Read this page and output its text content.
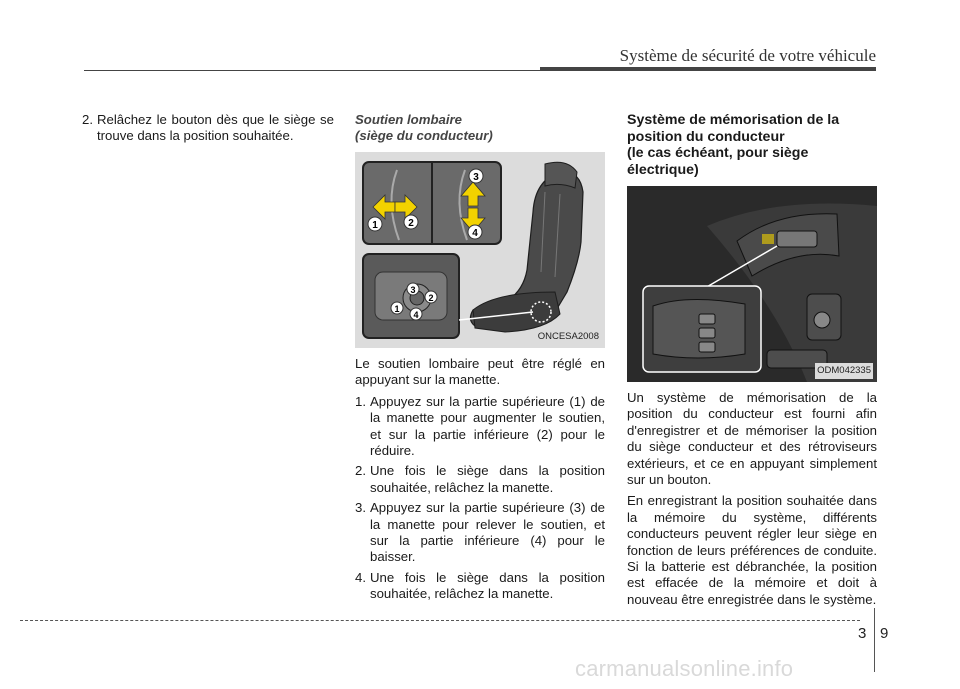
Système de sécurité de votre véhicule
2. Relâchez le bouton dès que le siège se trouve dans la position souhaitée.
Soutien lombaire
(siège du conducteur)
1	2
3
4
3
2
1
4
ONCESA2008
Le soutien lombaire peut être réglé en appuyant sur la manette.
1. Appuyez sur la partie supérieure (1) de la manette pour augmenter le soutien, et sur la partie inférieure (2) pour le réduire.
2. Une fois le siège dans la position souhaitée, relâchez la manette.
3. Appuyez sur la partie supérieure (3) de la manette pour relever le soutien, et sur la partie inférieure (4) pour le baisser.
4. Une fois le siège dans la position souhaitée, relâchez la manette.
Système de mémorisation de la
position du conducteur
(le cas échéant, pour siège
électrique)
ODM042335
Un système de mémorisation de la position du conducteur est fourni afin d'enregistrer et de mémoriser la position du siège conducteur et des rétroviseurs extérieurs, et ce en appuyant simplement sur un bouton.
En enregistrant la position souhaitée dans la mémoire du système, différents conducteurs peuvent régler leur siège en fonction de leurs préférences de conduite. Si la batterie est débranchée, la position est effacée de la mémoire et doit à nouveau être enregistrée dans le système.
3 9
carmanualsonline.info
